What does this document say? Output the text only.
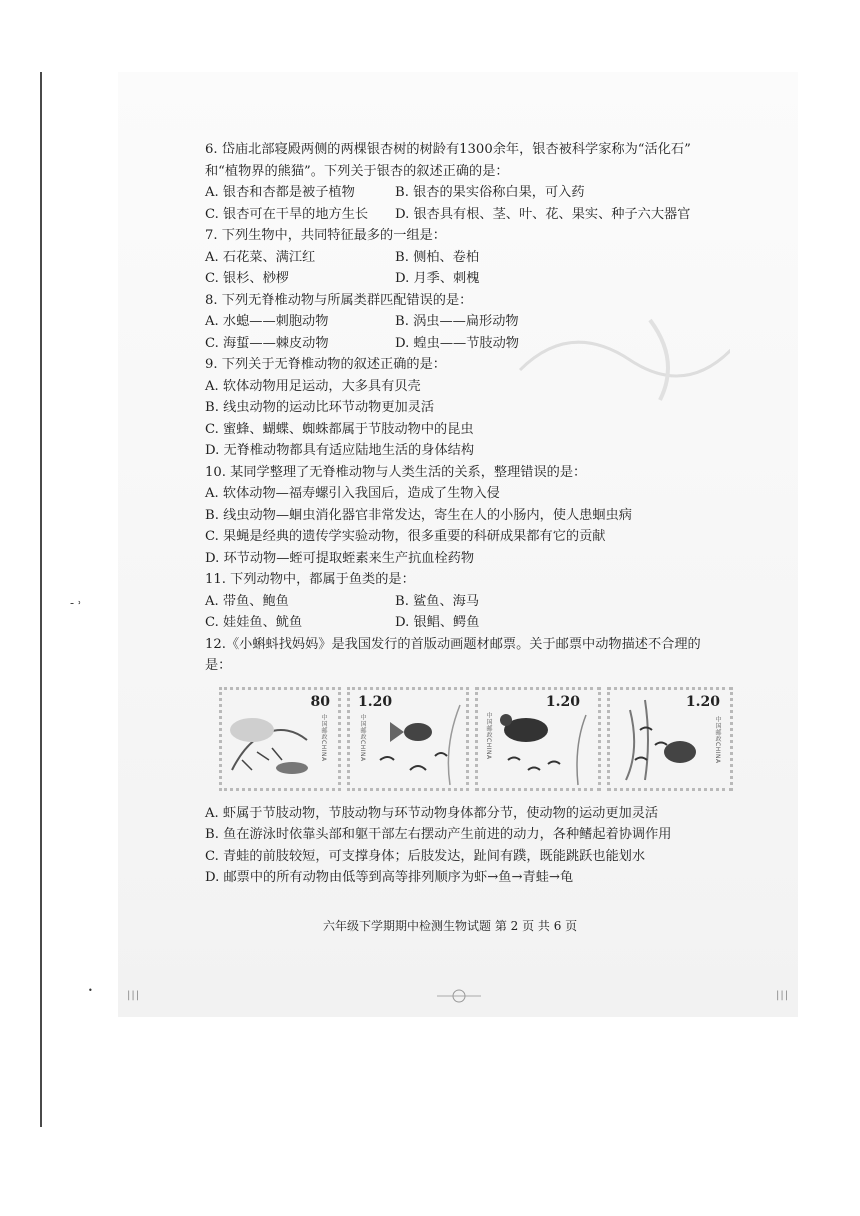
6. 岱庙北部寝殿两侧的两棵银杏树的树龄有1300余年，银杏被科学家称为“活化石”
和“植物界的熊猫”。下列关于银杏的叙述正确的是：
A. 银杏和杏都是被子植物	B. 银杏的果实俗称白果，可入药
C. 银杏可在干旱的地方生长	D. 银杏具有根、茎、叶、花、果实、种子六大器官
7. 下列生物中，共同特征最多的一组是：
A. 石花菜、满江红	B. 侧柏、卷柏
C. 银杉、桫椤	D. 月季、刺槐
8. 下列无脊椎动物与所属类群匹配错误的是：
A. 水螅——刺胞动物	B. 涡虫——扁形动物
C. 海蜇——棘皮动物	D. 蝗虫——节肢动物
9. 下列关于无脊椎动物的叙述正确的是：
A. 软体动物用足运动，大多具有贝壳
B. 线虫动物的运动比环节动物更加灵活
C. 蜜蜂、蝴蝶、蜘蛛都属于节肢动物中的昆虫
D. 无脊椎动物都具有适应陆地生活的身体结构
10. 某同学整理了无脊椎动物与人类生活的关系，整理错误的是：
A. 软体动物—福寿螺引入我国后，造成了生物入侵
B. 线虫动物—蛔虫消化器官非常发达，寄生在人的小肠内，使人患蛔虫病
C. 果蝇是经典的遗传学实验动物，很多重要的科研成果都有它的贡献
D. 环节动物—蛭可提取蛭素来生产抗血栓药物
11. 下列动物中，都属于鱼类的是：
A. 带鱼、鲍鱼	B. 鲨鱼、海马
C. 娃娃鱼、鱿鱼	D. 银鲳、鳄鱼
12.《小蝌蚪找妈妈》是我国发行的首版动画题材邮票。关于邮票中动物描述不合理的
是：
80
中国邮政CHINA
1.20
中国邮政CHINA
1.20
中国邮政CHINA
1.20
中国邮政CHINA
A. 虾属于节肢动物，节肢动物与环节动物身体都分节，使动物的运动更加灵活
B. 鱼在游泳时依靠头部和躯干部左右摆动产生前进的动力，各种鳍起着协调作用
C. 青蛙的前肢较短，可支撑身体；后肢发达，趾间有蹼，既能跳跃也能划水
D. 邮票中的所有动物由低等到高等排列顺序为虾→鱼→青蛙→龟
六年级下学期期中检测生物试题 第 2 页 共 6 页
|||	|||
‑ ˒
•
